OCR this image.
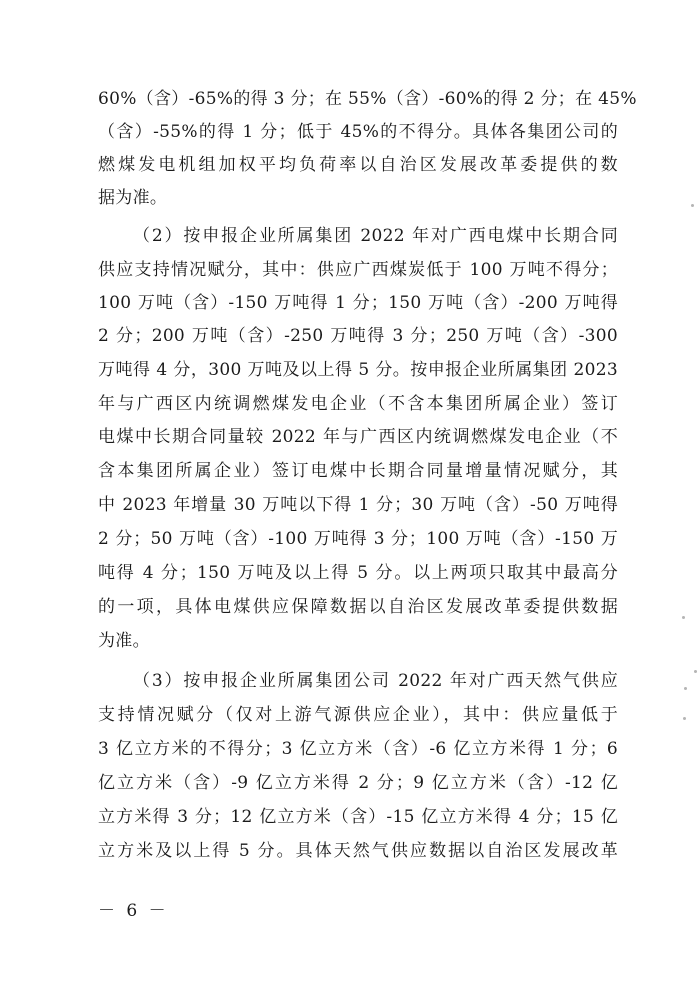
60%（含）-65%的得 3 分；在 55%（含）-60%的得 2 分；在 45%
（含）-55%的得 1 分；低于 45%的不得分。具体各集团公司的
燃煤发电机组加权平均负荷率以自治区发展改革委提供的数
据为准。
（2）按申报企业所属集团 2022 年对广西电煤中长期合同
供应支持情况赋分，其中：供应广西煤炭低于 100 万吨不得分；
100 万吨（含）-150 万吨得 1 分；150 万吨（含）-200 万吨得
2 分；200 万吨（含）-250 万吨得 3 分；250 万吨（含）-300
万吨得 4 分，300 万吨及以上得 5 分。按申报企业所属集团 2023
年与广西区内统调燃煤发电企业（不含本集团所属企业）签订
电煤中长期合同量较 2022 年与广西区内统调燃煤发电企业（不
含本集团所属企业）签订电煤中长期合同量增量情况赋分，其
中 2023 年增量 30 万吨以下得 1 分；30 万吨（含）-50 万吨得
2 分；50 万吨（含）-100 万吨得 3 分；100 万吨（含）-150 万
吨得 4 分；150 万吨及以上得 5 分。以上两项只取其中最高分
的一项，具体电煤供应保障数据以自治区发展改革委提供数据
为准。
（3）按申报企业所属集团公司 2022 年对广西天然气供应
支持情况赋分（仅对上游气源供应企业），其中：供应量低于
3 亿立方米的不得分；3 亿立方米（含）-6 亿立方米得 1 分；6
亿立方米（含）-9 亿立方米得 2 分；9 亿立方米（含）-12 亿
立方米得 3 分；12 亿立方米（含）-15 亿立方米得 4 分；15 亿
立方米及以上得 5 分。具体天然气供应数据以自治区发展改革
－ 6 －
